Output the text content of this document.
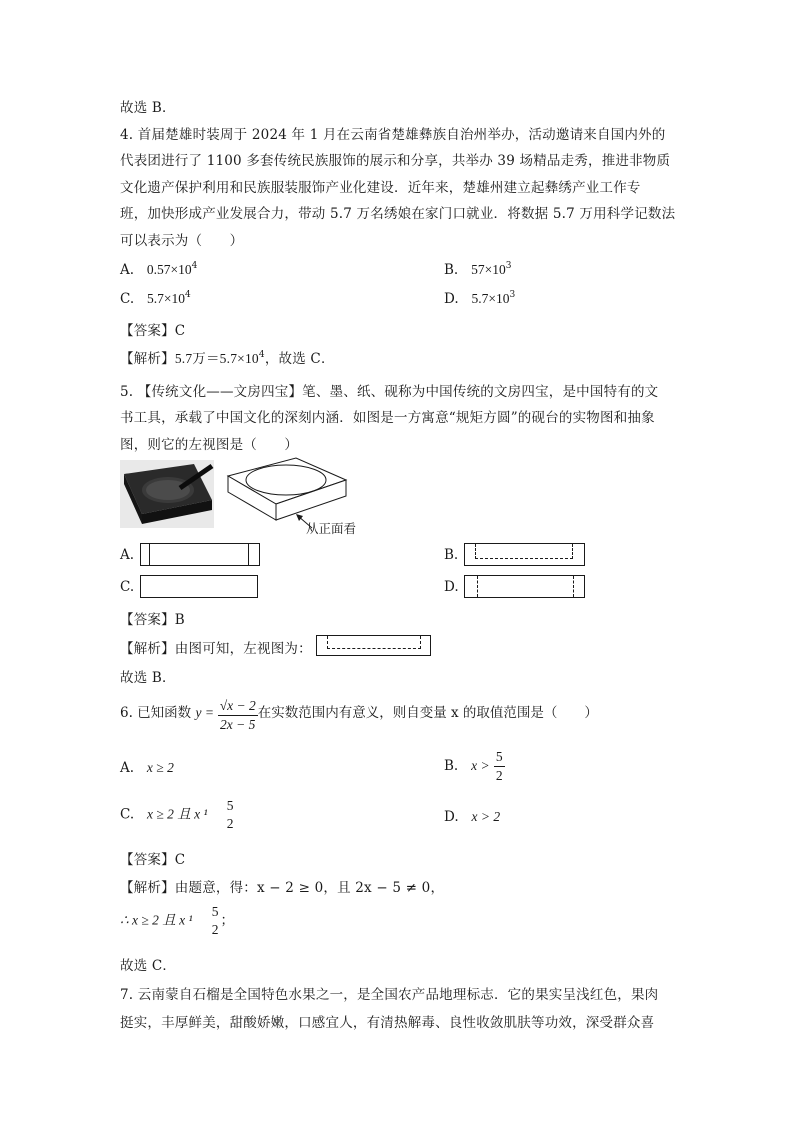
故选 B．
4. 首届楚雄时装周于 2024 年 1 月在云南省楚雄彝族自治州举办，活动邀请来自国内外的
代表团进行了 1100 多套传统民族服饰的展示和分享，共举办 39 场精品走秀，推进非物质
文化遗产保护利用和民族服装服饰产业化建设．近年来，楚雄州建立起彝绣产业工作专
班，加快形成产业发展合力，带动 5.7 万名绣娘在家门口就业．将数据 5.7 万用科学记数法
可以表示为（　　）
A. $0.57\times 10^4$	B. $57\times 10^3$
C. $5.7\times 10^4$	D. $5.7\times 10^3$
【答案】C
【解析】5.7万$=5.7\times 10^4$，故选 C．
5. 【传统文化——文房四宝】笔、墨、纸、砚称为中国传统的文房四宝，是中国特有的文
书工具，承载了中国文化的深刻内涵．如图是一方寓意“规矩方圆”的砚台的实物图和抽象
图，则它的左视图是（　　）
从正面看
A.	B.
C.	D.
【答案】B
【解析】由图可知，左视图为：
故选 B．
6. 已知函数 $y = \frac{√x - 2}{2x - 5}$ 在实数范围内有意义，则自变量 x 的取值范围是（　　）
A. x ≥ 2	B. $x > \frac{5}{2}$
C. x ≥ 2 且 x ¹
5
2	D. x > 2
【答案】C
【解析】由题意，得：x − 2 ≥ 0，且 2x − 5 ≠ 0，
∴ x ≥ 2 且 x ¹
5
2
；
故选 C．
7. 云南蒙自石榴是全国特色水果之一，是全国农产品地理标志．它的果实呈浅红色，果肉
挺实，丰厚鲜美，甜酸娇嫩，口感宜人，有清热解毒、良性收敛肌肤等功效，深受群众喜
